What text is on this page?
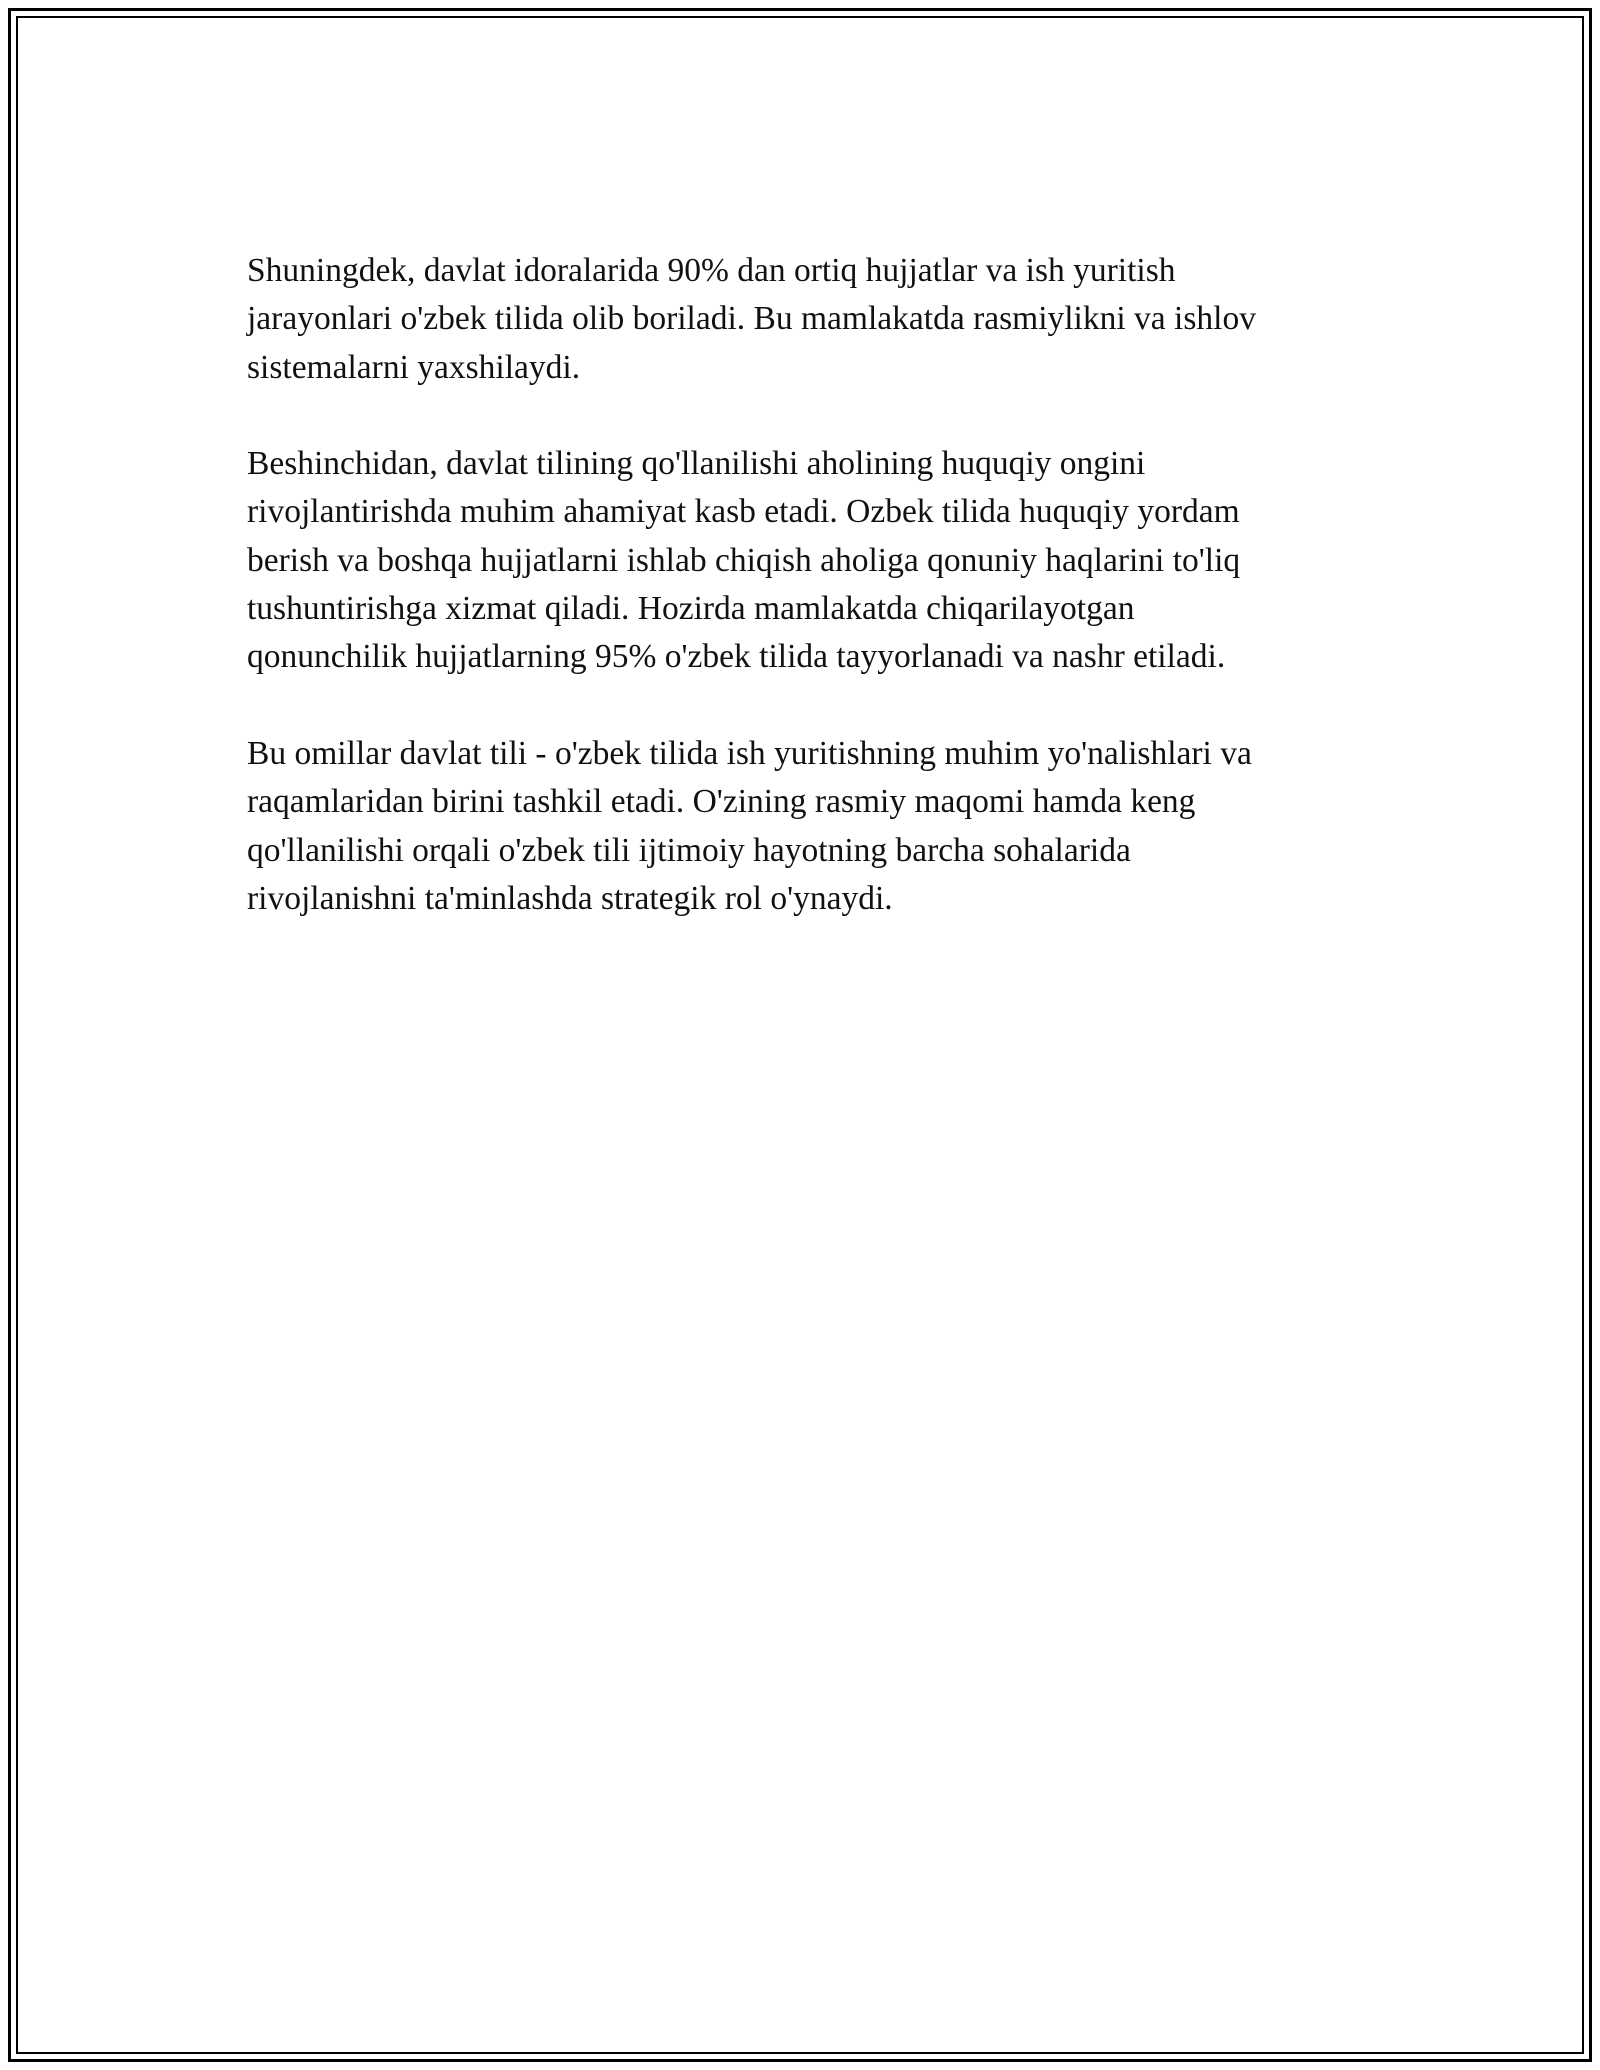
Shuningdek, davlat idoralarida 90% dan ortiq hujjatlar va ish yuritish
jarayonlari o'zbek tilida olib boriladi. Bu mamlakatda rasmiylikni va ishlov
sistemalarni yaxshilaydi.

Beshinchidan, davlat tilining qo'llanilishi aholining huquqiy ongini
rivojlantirishda muhim ahamiyat kasb etadi. Ozbek tilida huquqiy yordam
berish va boshqa hujjatlarni ishlab chiqish aholiga qonuniy haqlarini to'liq
tushuntirishga xizmat qiladi. Hozirda mamlakatda chiqarilayotgan
qonunchilik hujjatlarning 95% o'zbek tilida tayyorlanadi va nashr etiladi.

Bu omillar davlat tili - o'zbek tilida ish yuritishning muhim yo'nalishlari va
raqamlaridan birini tashkil etadi. O'zining rasmiy maqomi hamda keng
qo'llanilishi orqali o'zbek tili ijtimoiy hayotning barcha sohalarida
rivojlanishni ta'minlashda strategik rol o'ynaydi.
